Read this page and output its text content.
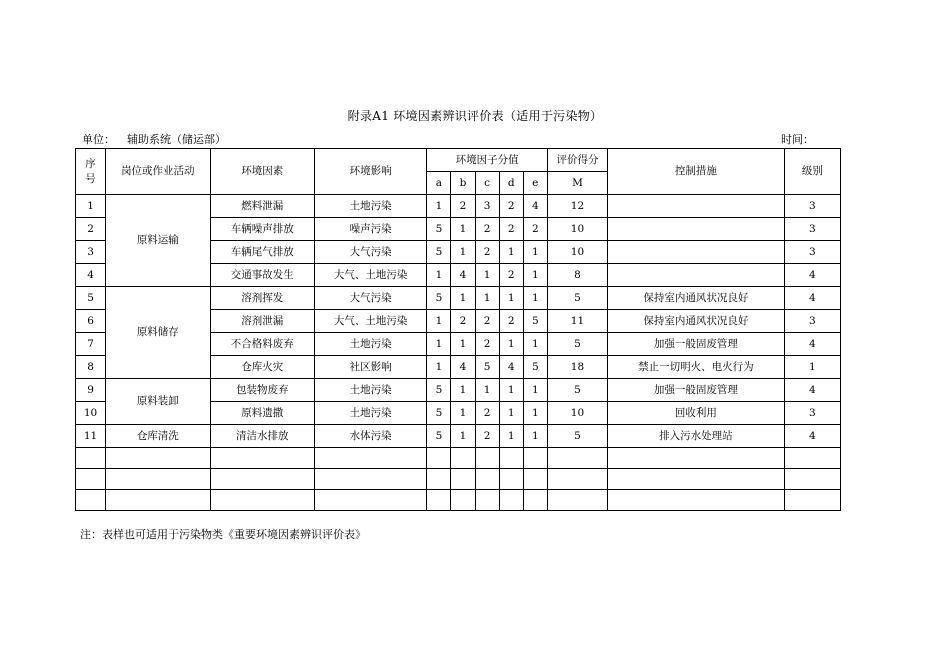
附录A1 环境因素辨识评价表（适用于污染物）
单位： 辅助系统（储运部）	时间：
序
号	岗位或作业活动	环境因素	环境影响	环境因子分值					评价得分	控制措施	级别
				a	b	c	d	e	M		
1	原料运输	燃料泄漏	土地污染	1	2	3	2	4	12		3
2		车辆噪声排放	噪声污染	5	1	2	2	2	10		3
3		车辆尾气排放	大气污染	5	1	2	1	1	10		3
4		交通事故发生	大气、土地污染	1	4	1	2	1	8		4
5	原料储存	溶剂挥发	大气污染	5	1	1	1	1	5	保持室内通风状况良好	4
6		溶剂泄漏	大气、土地污染	1	2	2	2	5	11	保持室内通风状况良好	3
7		不合格料废弃	土地污染	1	1	2	1	1	5	加强一般固废管理	4
8		仓库火灾	社区影响	1	4	5	4	5	18	禁止一切明火、电火行为	1
9	原料装卸	包装物废弃	土地污染	5	1	1	1	1	5	加强一般固废管理	4
10		原料遗撒	土地污染	5	1	2	1	1	10	回收利用	3
11	仓库清洗	清洁水排放	水体污染	5	1	2	1	1	5	排入污水处理站	4

注：表样也可适用于污染物类《重要环境因素辨识评价表》
